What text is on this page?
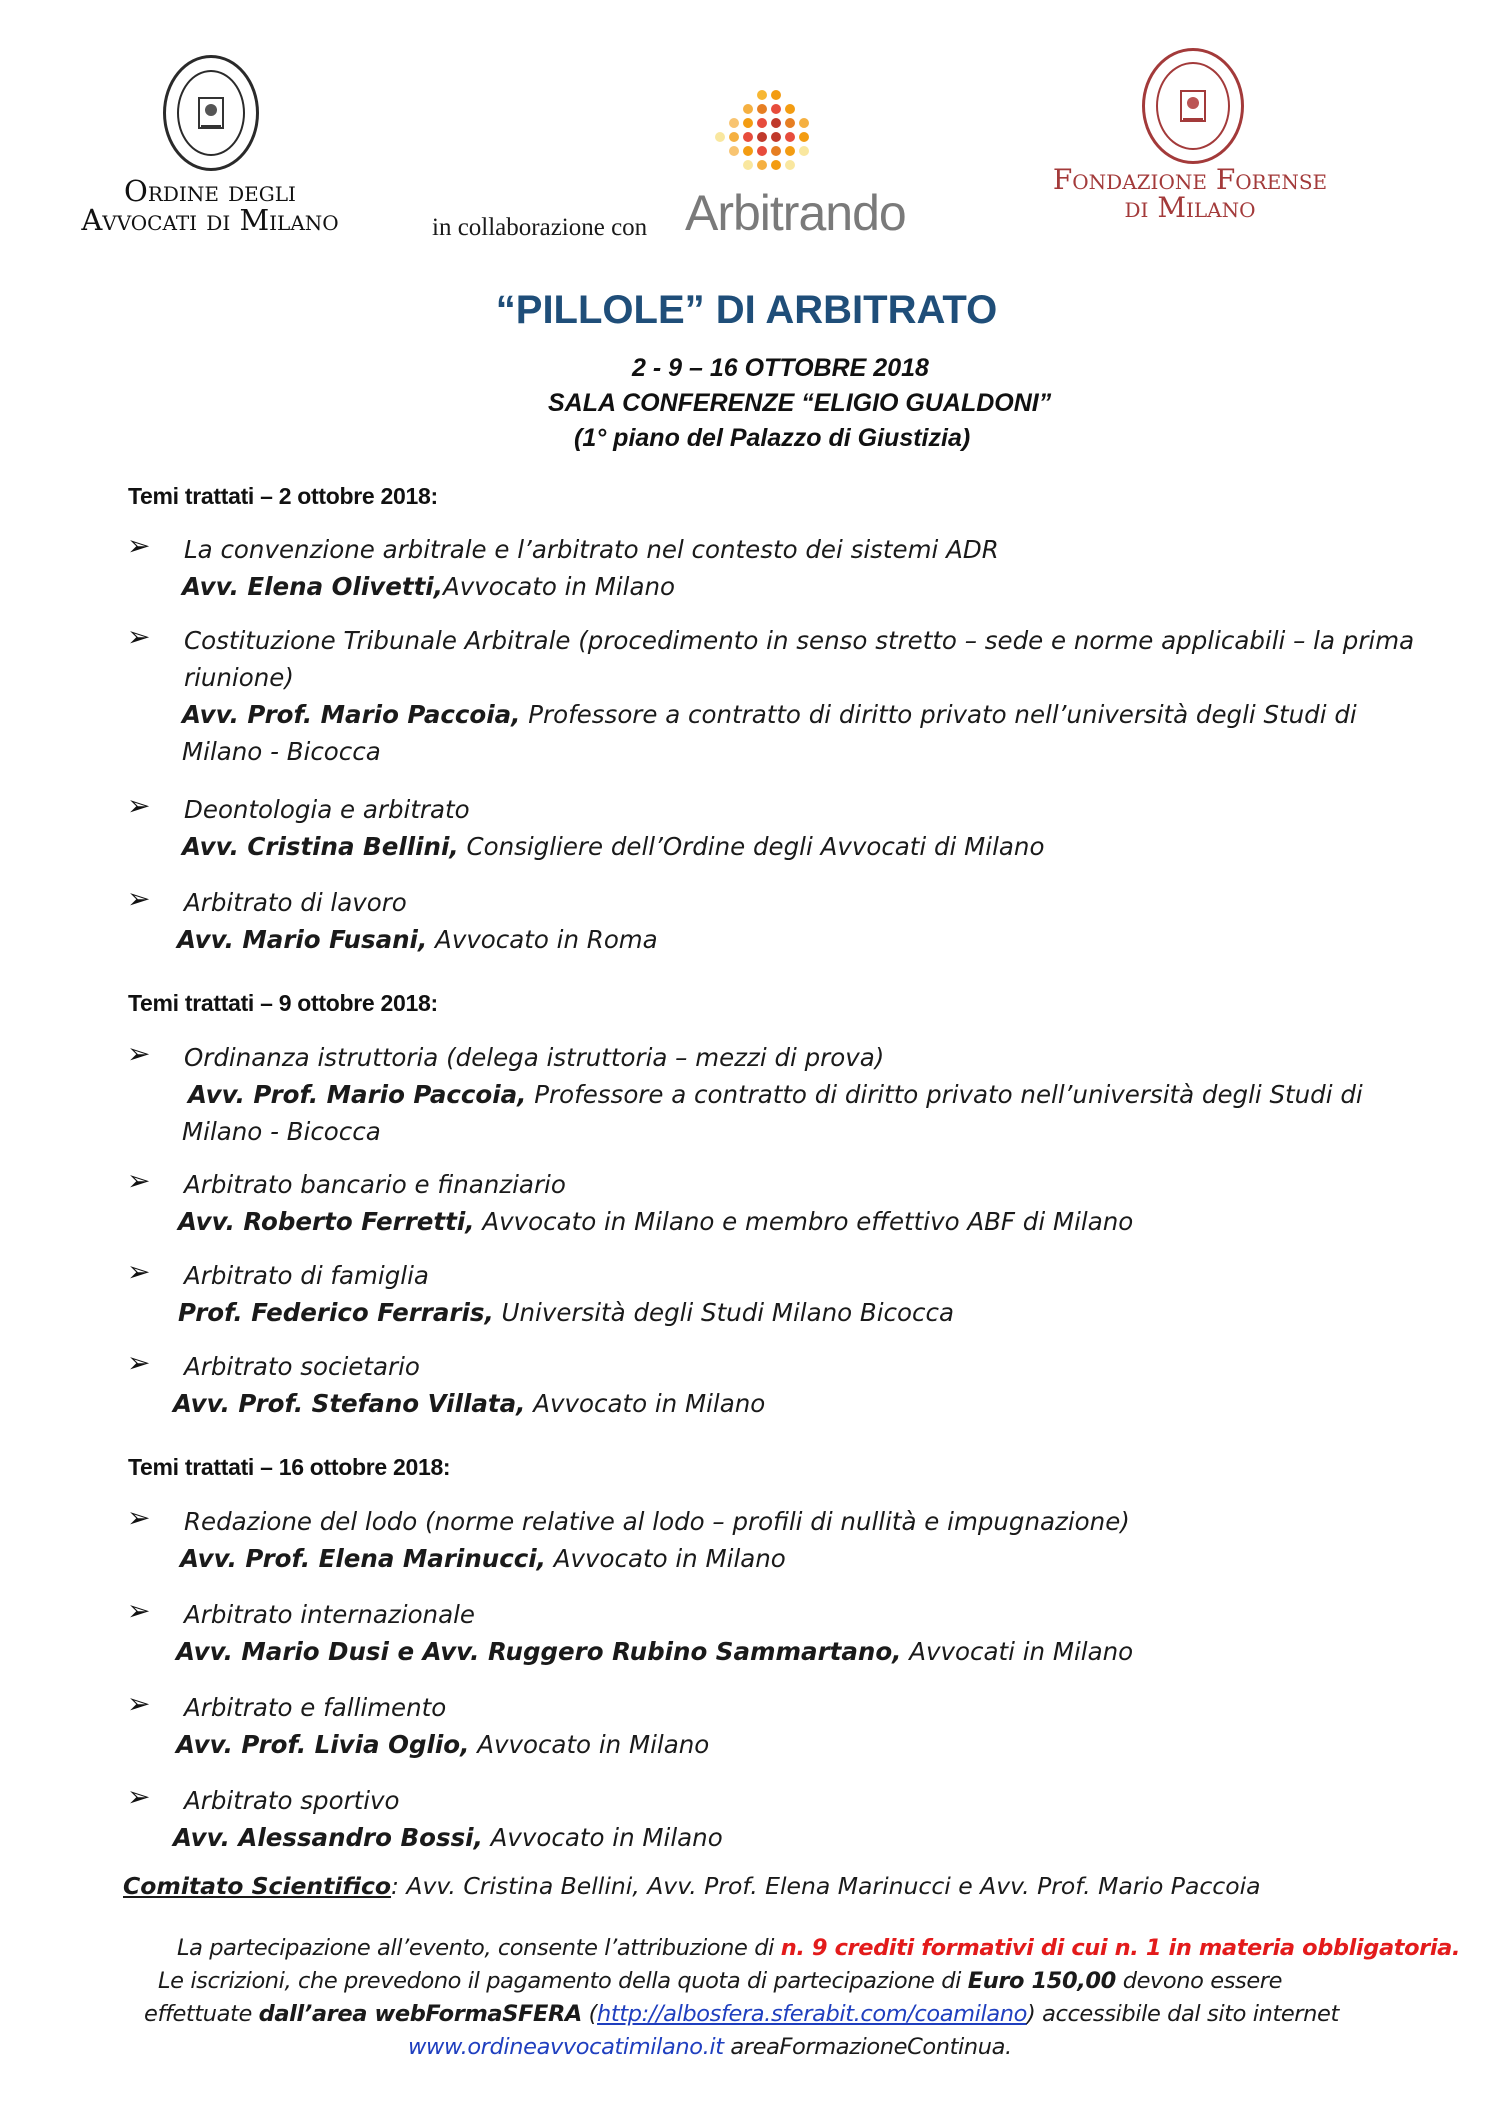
Ordine degli
Avvocati di Milano	in collaborazione con Arbitrando
Fondazione Forense
di Milano
“PILLOLE” DI ARBITRATO
2 - 9 – 16 OTTOBRE 2018
SALA CONFERENZE “ELIGIO GUALDONI”
(1° piano del Palazzo di Giustizia)
Temi trattati – 2 ottobre 2018:
➢ La convenzione arbitrale e l’arbitrato nel contesto dei sistemi ADR
Avv. Elena Olivetti,Avvocato in Milano
➢ Costituzione Tribunale Arbitrale (procedimento in senso stretto – sede e norme applicabili – la prima
riunione)
Avv. Prof. Mario Paccoia, Professore a contratto di diritto privato nell’università degli Studi di
Milano - Bicocca
➢ Deontologia e arbitrato
Avv. Cristina Bellini, Consigliere dell’Ordine degli Avvocati di Milano
➢ Arbitrato di lavoro
Avv. Mario Fusani, Avvocato in Roma
Temi trattati – 9 ottobre 2018:
➢ Ordinanza istruttoria (delega istruttoria – mezzi di prova)
Avv. Prof. Mario Paccoia, Professore a contratto di diritto privato nell’università degli Studi di
Milano - Bicocca
➢ Arbitrato bancario e finanziario
Avv. Roberto Ferretti, Avvocato in Milano e membro effettivo ABF di Milano
➢ Arbitrato di famiglia
Prof. Federico Ferraris, Università degli Studi Milano Bicocca
➢ Arbitrato societario
Avv. Prof. Stefano Villata, Avvocato in Milano
Temi trattati – 16 ottobre 2018:
➢ Redazione del lodo (norme relative al lodo – profili di nullità e impugnazione)
Avv. Prof. Elena Marinucci, Avvocato in Milano
➢ Arbitrato internazionale
Avv. Mario Dusi e Avv. Ruggero Rubino Sammartano, Avvocati in Milano
➢ Arbitrato e fallimento
Avv. Prof. Livia Oglio, Avvocato in Milano
➢ Arbitrato sportivo
Avv. Alessandro Bossi, Avvocato in Milano
Comitato Scientifico: Avv. Cristina Bellini, Avv. Prof. Elena Marinucci e Avv. Prof. Mario Paccoia
La partecipazione all’evento, consente l’attribuzione di n. 9 crediti formativi di cui n. 1 in materia obbligatoria.
Le iscrizioni, che prevedono il pagamento della quota di partecipazione di Euro 150,00 devono essere
effettuate dall’area webFormaSFERA (http://albosfera.sferabit.com/coamilano) accessibile dal sito internet
www.ordineavvocatimilano.it areaFormazioneContinua.
